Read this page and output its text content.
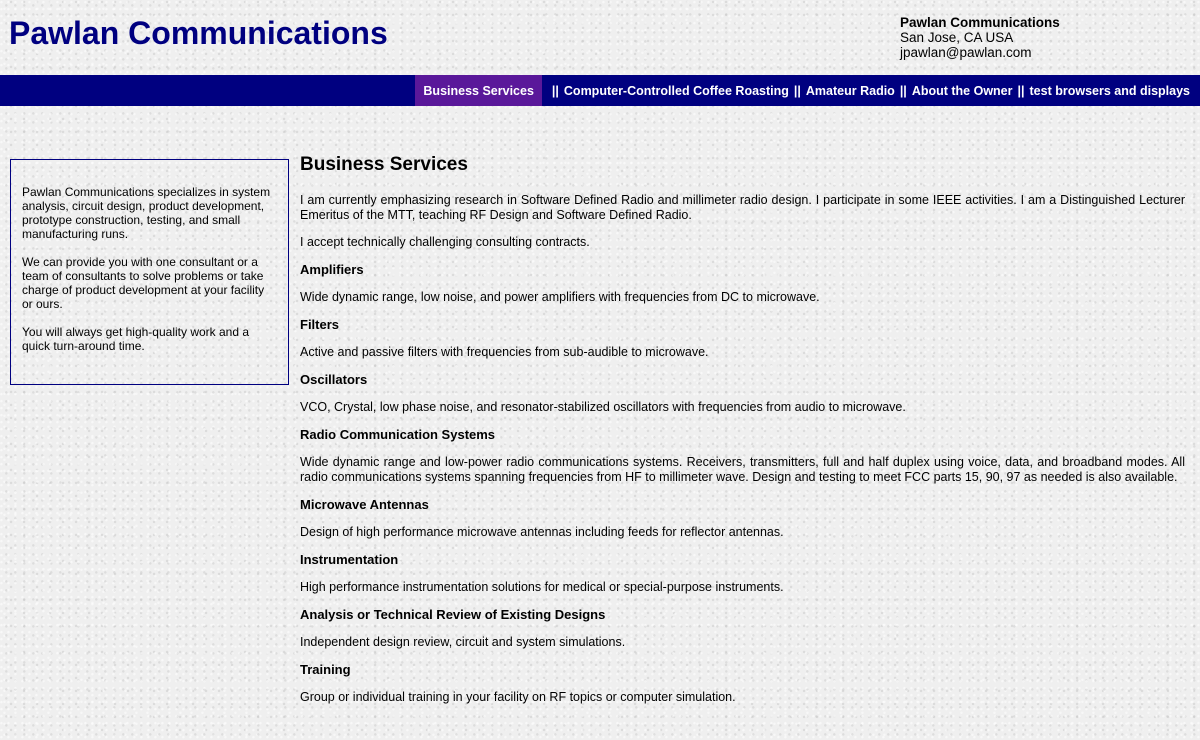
Pawlan Communications	Pawlan Communications
San Jose, CA USA
jpawlan@pawlan.com
Business Services	|| Computer-Controlled Coffee Roasting || Amateur Radio || About the Owner || test browsers and displays

Pawlan Communications specializes in system analysis, circuit design, product development, prototype construction, testing, and small manufacturing runs.

We can provide you with one consultant or a team of consultants to solve problems or take charge of product development at your facility or ours.

You will always get high-quality work and a quick turn-around time.

Business Services

I am currently emphasizing research in Software Defined Radio and millimeter radio design. I participate in some IEEE activities. I am a Distinguished Lecturer Emeritus of the MTT, teaching RF Design and Software Defined Radio.

I accept technically challenging consulting contracts.

Amplifiers

Wide dynamic range, low noise, and power amplifiers with frequencies from DC to microwave.

Filters

Active and passive filters with frequencies from sub-audible to microwave.

Oscillators

VCO, Crystal, low phase noise, and resonator-stabilized oscillators with frequencies from audio to microwave.

Radio Communication Systems

Wide dynamic range and low-power radio communications systems. Receivers, transmitters, full and half duplex using voice, data, and broadband modes. All radio communications systems spanning frequencies from HF to millimeter wave. Design and testing to meet FCC parts 15, 90, 97 as needed is also available.

Microwave Antennas

Design of high performance microwave antennas including feeds for reflector antennas.

Instrumentation

High performance instrumentation solutions for medical or special-purpose instruments.

Analysis or Technical Review of Existing Designs

Independent design review, circuit and system simulations.

Training

Group or individual training in your facility on RF topics or computer simulation.
